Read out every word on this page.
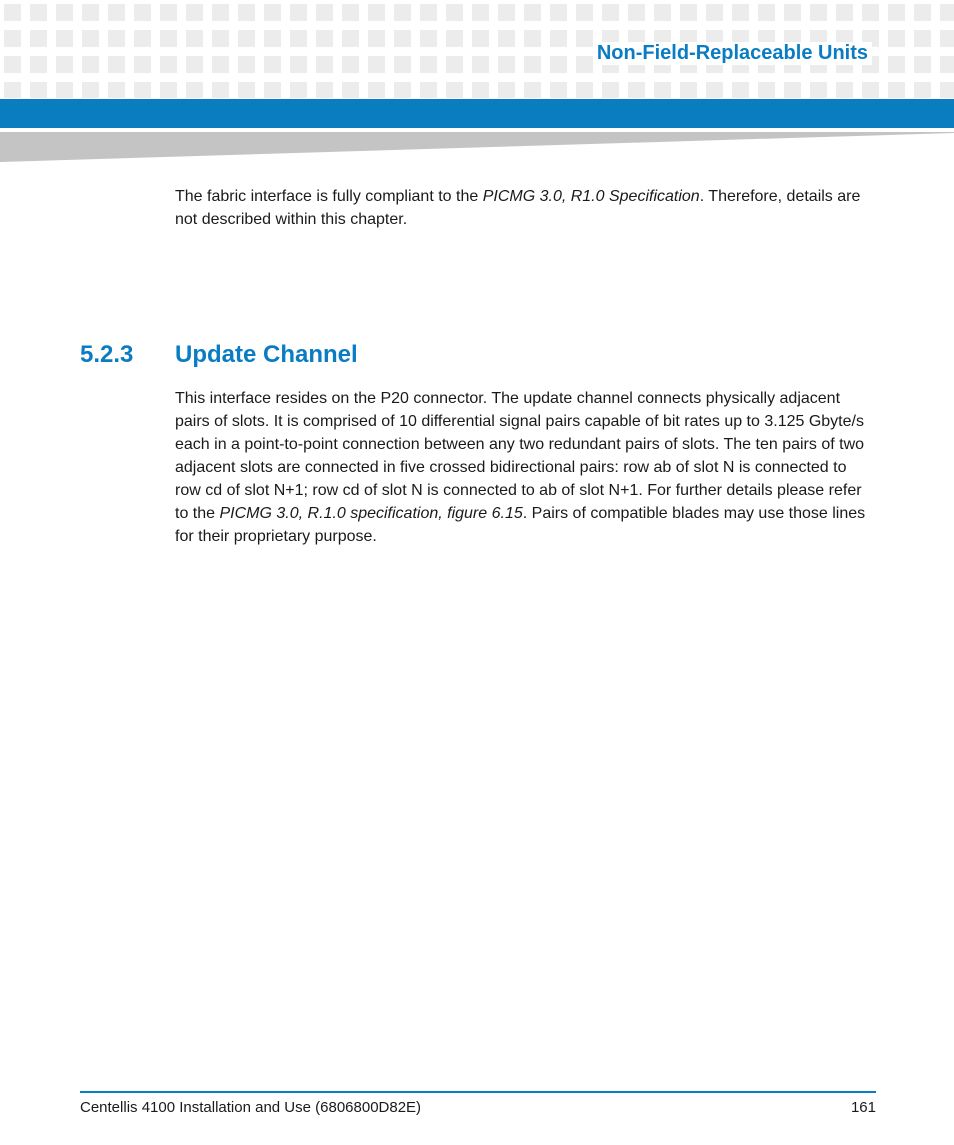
Non-Field-Replaceable Units
The fabric interface is fully compliant to the PICMG 3.0, R1.0 Specification. Therefore, details are not described within this chapter.
5.2.3 Update Channel
This interface resides on the P20 connector. The update channel connects physically adjacent pairs of slots. It is comprised of 10 differential signal pairs capable of bit rates up to 3.125 Gbyte/s each in a point-to-point connection between any two redundant pairs of slots. The ten pairs of two adjacent slots are connected in five crossed bidirectional pairs: row ab of slot N is connected to row cd of slot N+1; row cd of slot N is connected to ab of slot N+1. For further details please refer to the PICMG 3.0, R.1.0 specification, figure 6.15. Pairs of compatible blades may use those lines for their proprietary purpose.
Centellis 4100 Installation and Use (6806800D82E)	161
